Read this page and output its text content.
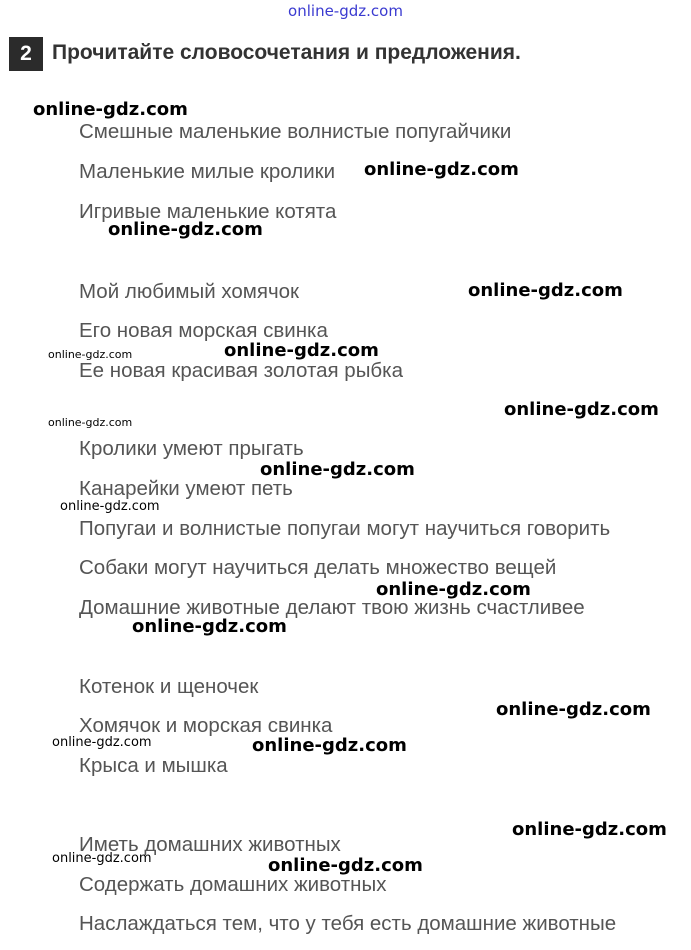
online-gdz.com
2 Прочитайте словосочетания и предложения.
Смешные маленькие волнистые попугайчики
Маленькие милые кролики
Игривые маленькие котята
Мой любимый хомячок
Его новая морская свинка
Ее новая красивая золотая рыбка
Кролики умеют прыгать
Канарейки умеют петь
Попугаи и волнистые попугаи могут научиться говорить
Собаки могут научиться делать множество вещей
Домашние животные делают твою жизнь счастливее
Котенок и щеночек
Хомячок и морская свинка
Крыса и мышка
Иметь домашних животных
Содержать домашних животных
Наслаждаться тем, что у тебя есть домашние животные
online-gdz.com
online-gdz.com
online-gdz.com
online-gdz.com
online-gdz.com
online-gdz.com
online-gdz.com
online-gdz.com
online-gdz.com
online-gdz.com
online-gdz.com
online-gdz.com
online-gdz.com
online-gdz.com	online-gdz.com
online-gdz.com
online-gdz.com	online-gdz.com
